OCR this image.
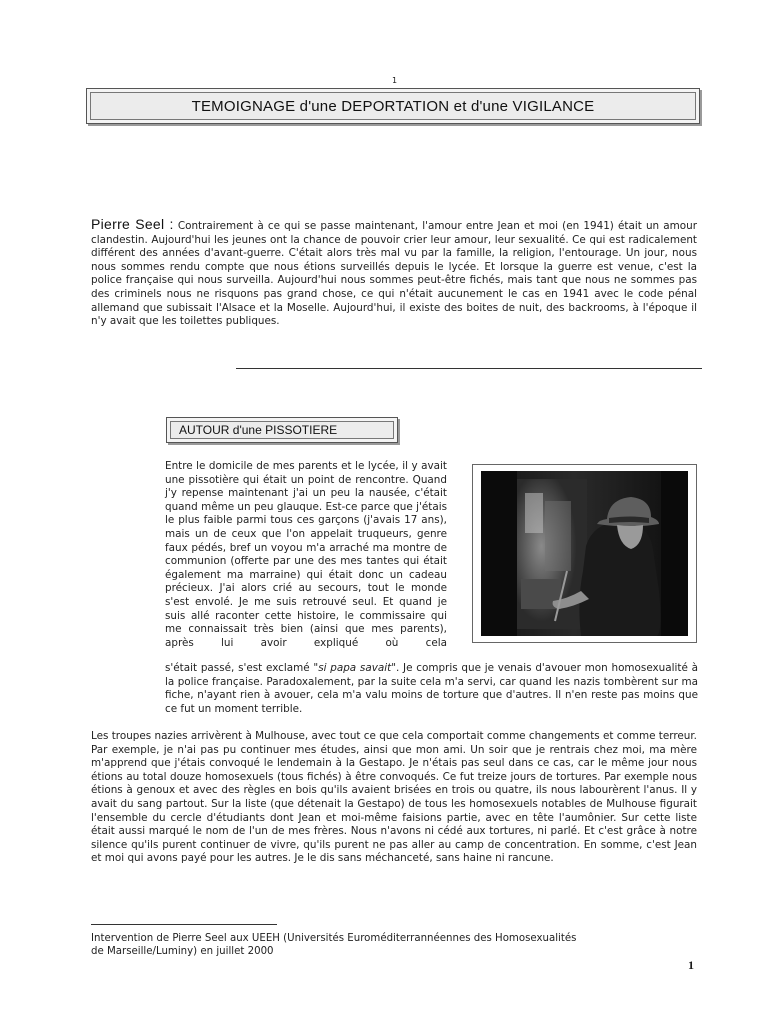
1
TEMOIGNAGE d'une DEPORTATION et d'une VIGILANCE
Pierre Seel : Contrairement à ce qui se passe maintenant, l'amour entre Jean et moi (en 1941) était un amour clandestin. Aujourd'hui les jeunes ont la chance de pouvoir crier leur amour, leur sexualité. Ce qui est radicalement différent des années d'avant-guerre. C'était alors très mal vu par la famille, la religion, l'entourage. Un jour, nous nous sommes rendu compte que nous étions surveillés depuis le lycée. Et lorsque la guerre est venue, c'est la police française qui nous surveilla. Aujourd'hui nous sommes peut-être fichés, mais tant que nous ne sommes pas des criminels nous ne risquons pas grand chose, ce qui n'était aucunement le cas en 1941 avec le code pénal allemand que subissait l'Alsace et la Moselle. Aujourd'hui, il existe des boites de nuit, des backrooms, à l'époque il n'y avait que les toilettes publiques.
AUTOUR d'une PISSOTIERE
Entre le domicile de mes parents et le lycée, il y avait une pissotière qui était un point de rencontre. Quand j'y repense maintenant j'ai un peu la nausée, c'était quand même un peu glauque. Est-ce parce que j'étais le plus faible parmi tous ces garçons (j'avais 17 ans), mais un de ceux que l'on appelait truqueurs, genre faux pédés, bref un voyou m'a arraché ma montre de communion (offerte par une des mes tantes qui était également ma marraine) qui était donc un cadeau précieux. J'ai alors crié au secours, tout le monde s'est envolé. Je me suis retrouvé seul. Et quand je suis allé raconter cette histoire, le commissaire qui me connaissait très bien (ainsi que mes parents), après lui avoir expliqué où cela
s'était passé, s'est exclamé "si papa savait". Je compris que je venais d'avouer mon homosexualité à la police française. Paradoxalement, par la suite cela m'a servi, car quand les nazis tombèrent sur ma fiche, n'ayant rien à avouer, cela m'a valu moins de torture que d'autres. Il n'en reste pas moins que ce fut un moment terrible.
Les troupes nazies arrivèrent à Mulhouse, avec tout ce que cela comportait comme changements et comme terreur. Par exemple, je n'ai pas pu continuer mes études, ainsi que mon ami. Un soir que je rentrais chez moi, ma mère m'apprend que j'étais convoqué le lendemain à la Gestapo. Je n'étais pas seul dans ce cas, car le même jour nous étions au total douze homosexuels (tous fichés) à être convoqués. Ce fut treize jours de tortures. Par exemple nous étions à genoux et avec des règles en bois qu'ils avaient brisées en trois ou quatre, ils nous labourèrent l'anus. Il y avait du sang partout. Sur la liste (que détenait la Gestapo) de tous les homosexuels notables de Mulhouse figurait l'ensemble du cercle d'étudiants dont Jean et moi-même faisions partie, avec en tête l'aumônier. Sur cette liste était aussi marqué le nom de l'un de mes frères. Nous n'avons ni cédé aux tortures, ni parlé. Et c'est grâce à notre silence qu'ils purent continuer de vivre, qu'ils purent ne pas aller au camp de concentration. En somme, c'est Jean et moi qui avons payé pour les autres. Je le dis sans méchanceté, sans haine ni rancune.
Intervention de Pierre Seel aux UEEH (Universités Euroméditerrannéennes des Homosexualités
de Marseille/Luminy) en juillet 2000
1
